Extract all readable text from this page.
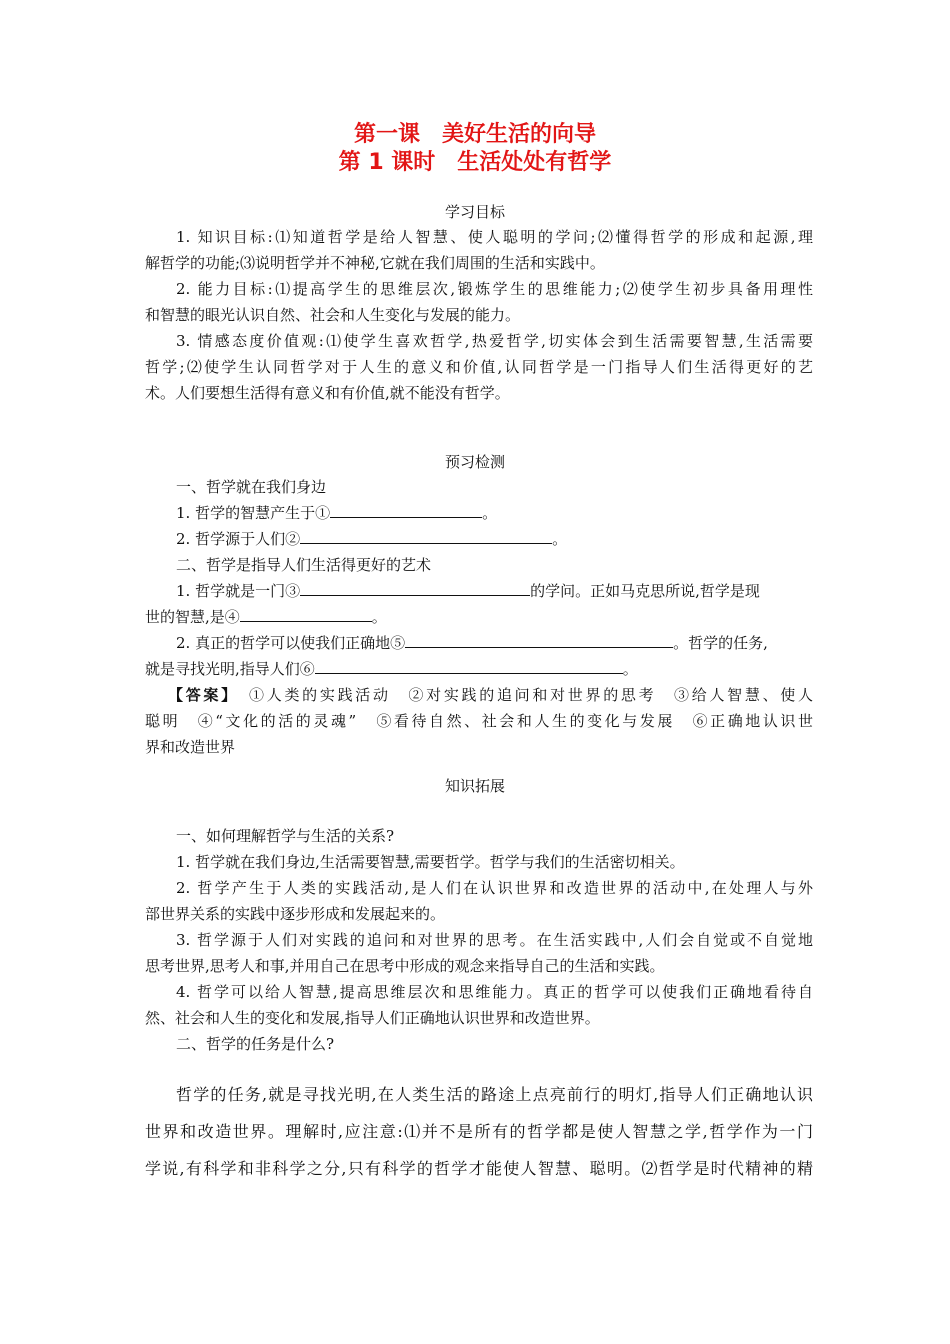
第一课　美好生活的向导
第 1 课时　生活处处有哲学
学习目标
1. 知识目标:⑴知道哲学是给人智慧、使人聪明的学问;⑵懂得哲学的形成和起源,理
解哲学的功能;⑶说明哲学并不神秘,它就在我们周围的生活和实践中。
2. 能力目标:⑴提高学生的思维层次,锻炼学生的思维能力;⑵使学生初步具备用理性
和智慧的眼光认识自然、社会和人生变化与发展的能力。
3. 情感态度价值观:⑴使学生喜欢哲学,热爱哲学,切实体会到生活需要智慧,生活需要
哲学;⑵使学生认同哲学对于人生的意义和价值,认同哲学是一门指导人们生活得更好的艺
术。人们要想生活得有意义和有价值,就不能没有哲学。
预习检测
一、哲学就在我们身边
1. 哲学的智慧产生于①	。
2. 哲学源于人们②	。
二、哲学是指导人们生活得更好的艺术
1. 哲学就是一门③	的学问。正如马克思所说,哲学是现
世的智慧,是④	。
2. 真正的哲学可以使我们正确地⑤	。哲学的任务,
就是寻找光明,指导人们⑥	。
【答案】　①人类的实践活动　②对实践的追问和对世界的思考　③给人智慧、使人
聪明　④“文化的活的灵魂”　⑤看待自然、社会和人生的变化与发展　⑥正确地认识世
界和改造世界
知识拓展
一、如何理解哲学与生活的关系?
1. 哲学就在我们身边,生活需要智慧,需要哲学。哲学与我们的生活密切相关。
2. 哲学产生于人类的实践活动,是人们在认识世界和改造世界的活动中,在处理人与外
部世界关系的实践中逐步形成和发展起来的。
3. 哲学源于人们对实践的追问和对世界的思考。在生活实践中,人们会自觉或不自觉地
思考世界,思考人和事,并用自己在思考中形成的观念来指导自己的生活和实践。
4. 哲学可以给人智慧,提高思维层次和思维能力。真正的哲学可以使我们正确地看待自
然、社会和人生的变化和发展,指导人们正确地认识世界和改造世界。
二、哲学的任务是什么?
哲学的任务,就是寻找光明,在人类生活的路途上点亮前行的明灯,指导人们正确地认识
世界和改造世界。理解时,应注意:⑴并不是所有的哲学都是使人智慧之学,哲学作为一门
学说,有科学和非科学之分,只有科学的哲学才能使人智慧、聪明。⑵哲学是时代精神的精
